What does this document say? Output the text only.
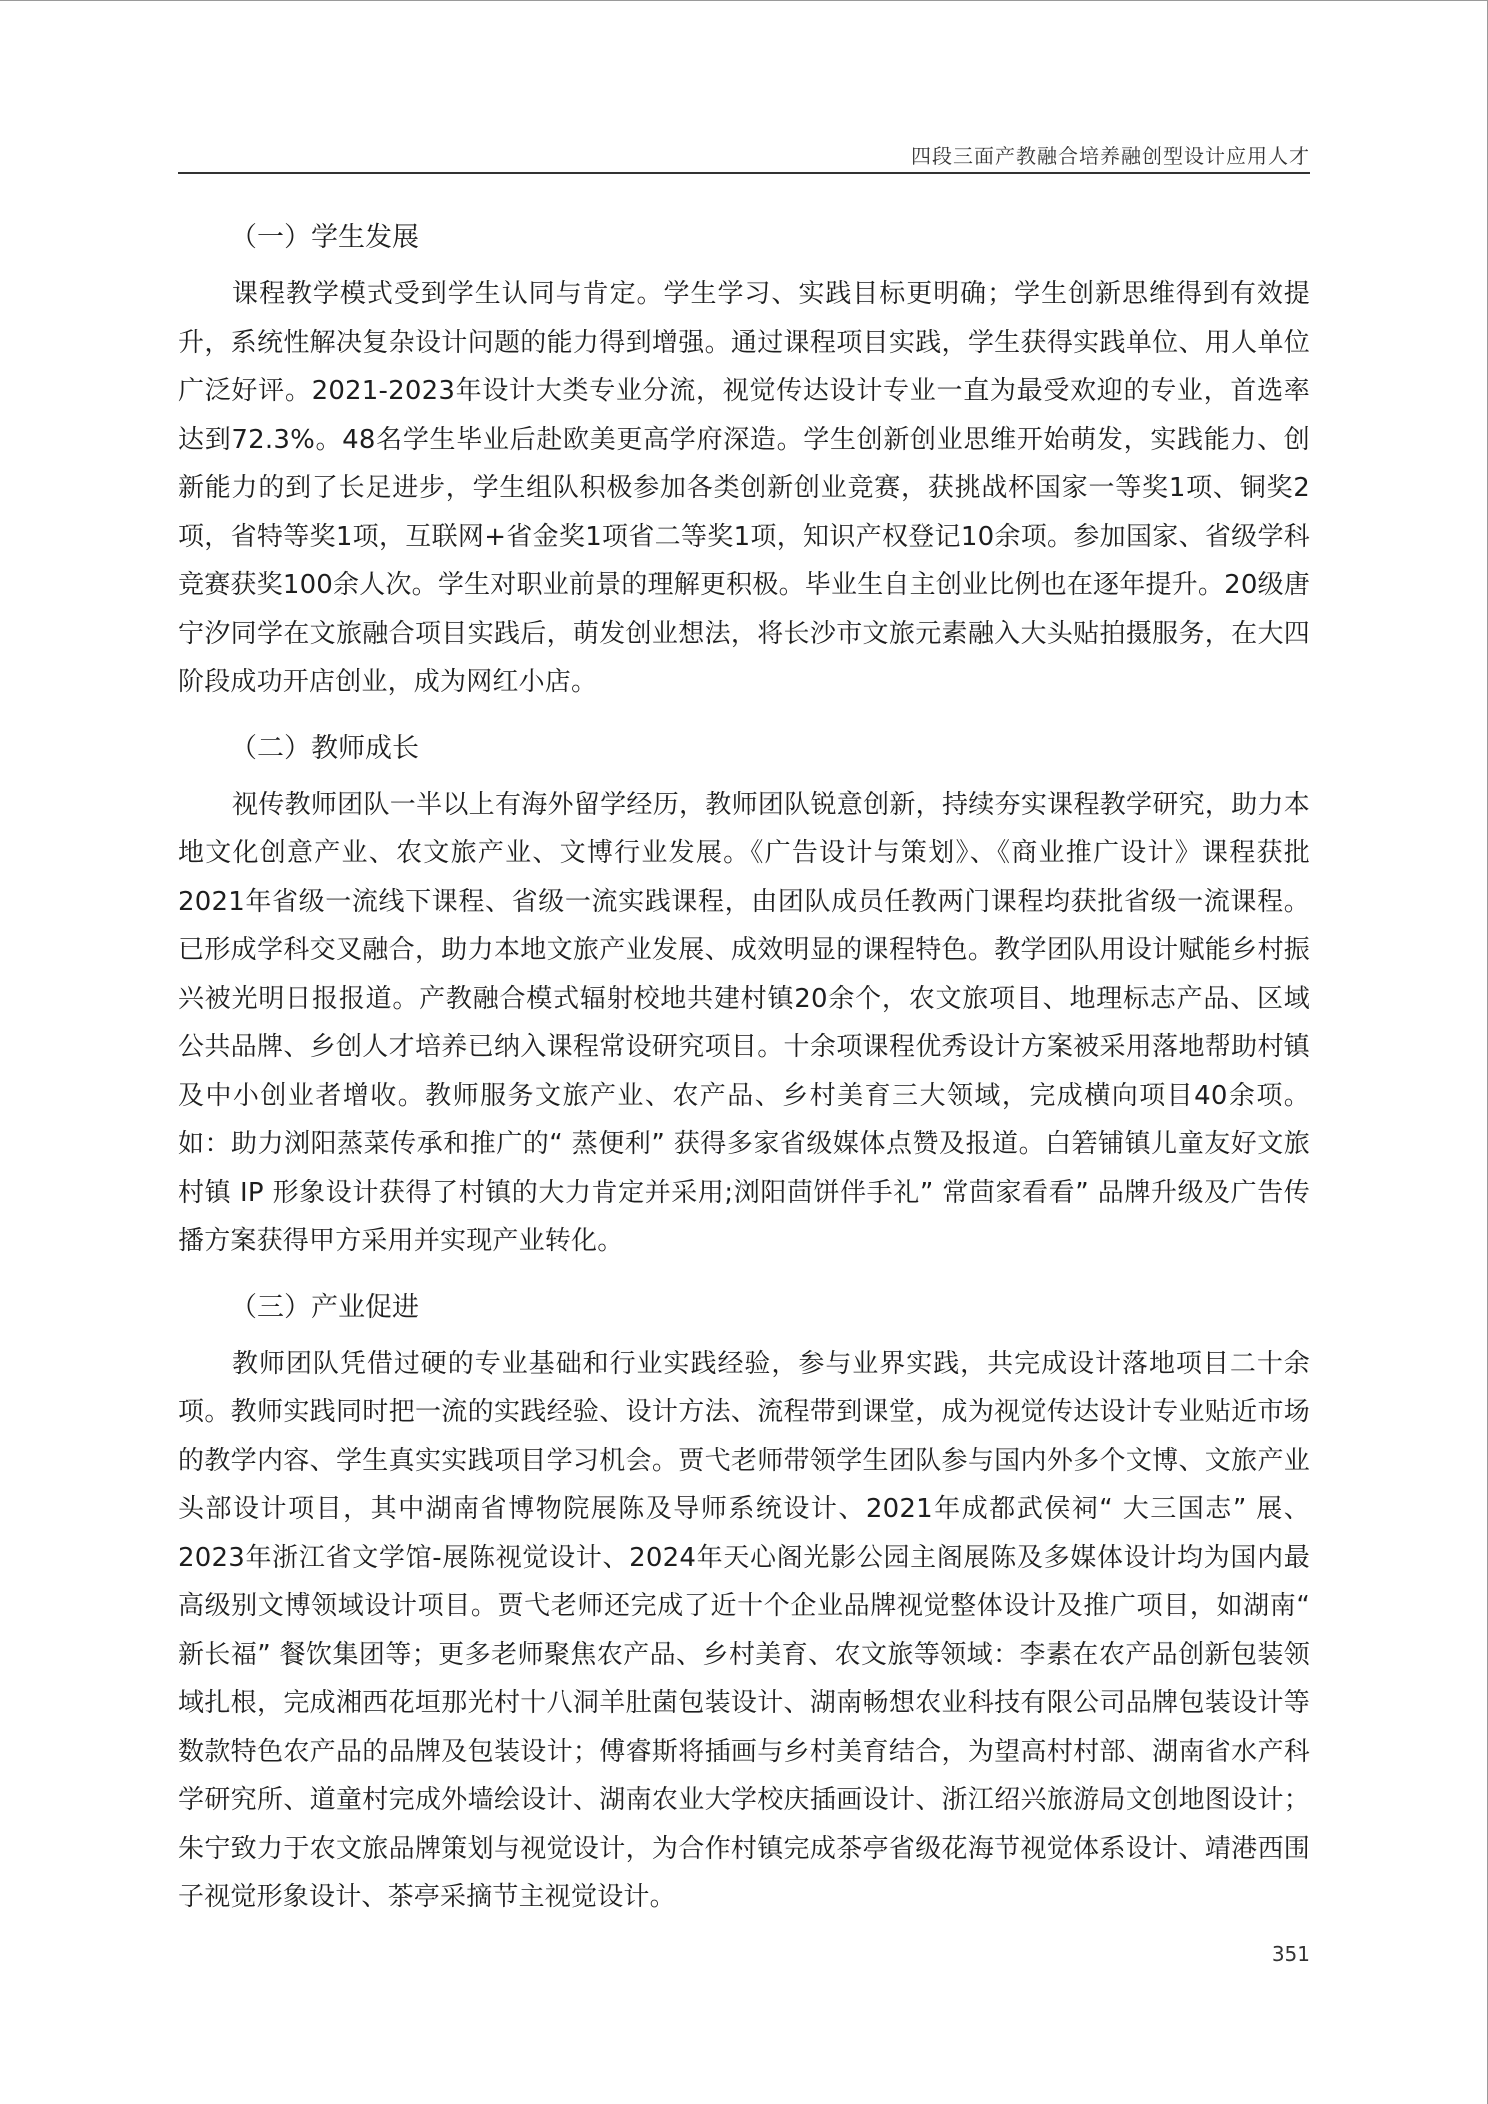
四段三面产教融合培养融创型设计应用人才
（一）学生发展

课程教学模式受到学生认同与肯定。学生学习、实践目标更明确；学生创新思维得到有效提升，系统性解决复杂设计问题的能力得到增强。通过课程项目实践，学生获得实践单位、用人单位广泛好评。2021-2023年设计大类专业分流，视觉传达设计专业一直为最受欢迎的专业，首选率达到72.3%。48名学生毕业后赴欧美更高学府深造。学生创新创业思维开始萌发，实践能力、创新能力的到了长足进步，学生组队积极参加各类创新创业竞赛，获挑战杯国家一等奖1项、铜奖2项，省特等奖1项，互联网+省金奖1项省二等奖1项，知识产权登记10余项。参加国家、省级学科竞赛获奖100余人次。学生对职业前景的理解更积极。毕业生自主创业比例也在逐年提升。20级唐宁汐同学在文旅融合项目实践后，萌发创业想法，将长沙市文旅元素融入大头贴拍摄服务，在大四阶段成功开店创业，成为网红小店。

（二）教师成长

视传教师团队一半以上有海外留学经历，教师团队锐意创新，持续夯实课程教学研究，助力本地文化创意产业、农文旅产业、文博行业发展。《广告设计与策划》、《商业推广设计》课程获批2021年省级一流线下课程、省级一流实践课程，由团队成员任教两门课程均获批省级一流课程。已形成学科交叉融合，助力本地文旅产业发展、成效明显的课程特色。教学团队用设计赋能乡村振兴被光明日报报道。产教融合模式辐射校地共建村镇20余个，农文旅项目、地理标志产品、区域公共品牌、乡创人才培养已纳入课程常设研究项目。十余项课程优秀设计方案被采用落地帮助村镇及中小创业者增收。教师服务文旅产业、农产品、乡村美育三大领域，完成横向项目40余项。如：助力浏阳蒸菜传承和推广的“ 蒸便利” 获得多家省级媒体点赞及报道。白箬铺镇儿童友好文旅村镇 IP 形象设计获得了村镇的大力肯定并采用;浏阳茴饼伴手礼” 常茴家看看” 品牌升级及广告传播方案获得甲方采用并实现产业转化。

（三）产业促进

教师团队凭借过硬的专业基础和行业实践经验，参与业界实践，共完成设计落地项目二十余项。教师实践同时把一流的实践经验、设计方法、流程带到课堂，成为视觉传达设计专业贴近市场的教学内容、学生真实实践项目学习机会。贾弋老师带领学生团队参与国内外多个文博、文旅产业头部设计项目，其中湖南省博物院展陈及导师系统设计、2021年成都武侯祠“ 大三国志” 展、2023年浙江省文学馆-展陈视觉设计、2024年天心阁光影公园主阁展陈及多媒体设计均为国内最高级别文博领域设计项目。贾弋老师还完成了近十个企业品牌视觉整体设计及推广项目，如湖南“ 新长福” 餐饮集团等；更多老师聚焦农产品、乡村美育、农文旅等领域：李素在农产品创新包装领域扎根，完成湘西花垣那光村十八洞羊肚菌包装设计、湖南畅想农业科技有限公司品牌包装设计等数款特色农产品的品牌及包装设计；傅睿斯将插画与乡村美育结合，为望高村村部、湖南省水产科学研究所、道童村完成外墙绘设计、湖南农业大学校庆插画设计、浙江绍兴旅游局文创地图设计；朱宁致力于农文旅品牌策划与视觉设计，为合作村镇完成茶亭省级花海节视觉体系设计、靖港西围子视觉形象设计、茶亭采摘节主视觉设计。

351
